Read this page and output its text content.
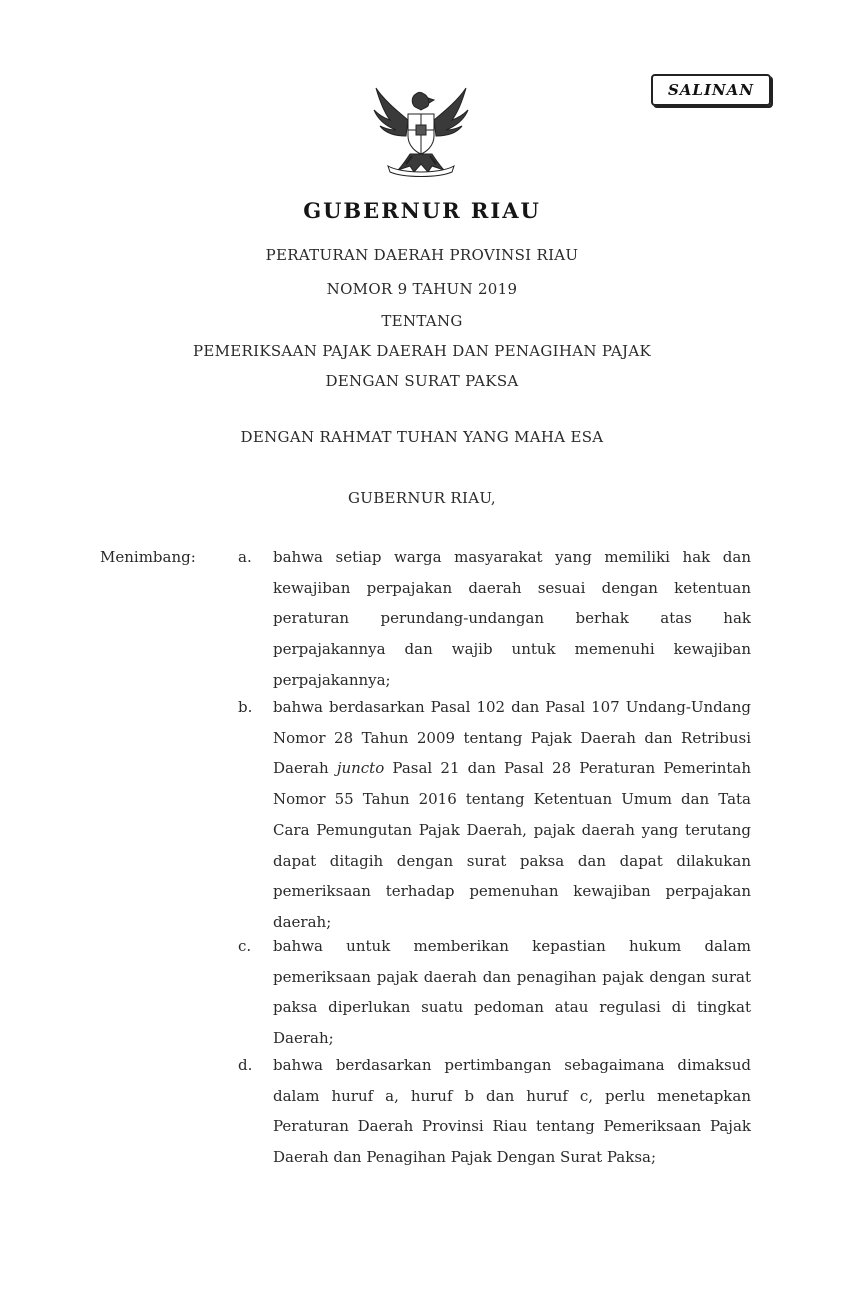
SALINAN
GUBERNUR RIAU
PERATURAN DAERAH PROVINSI RIAU
NOMOR 9 TAHUN 2019
TENTANG
PEMERIKSAAN PAJAK DAERAH DAN PENAGIHAN PAJAK
DENGAN SURAT PAKSA
DENGAN RAHMAT TUHAN YANG MAHA ESA
GUBERNUR RIAU,
Menimbang:	a. bahwa setiap warga masyarakat yang memiliki hak dan kewajiban perpajakan daerah sesuai dengan ketentuan peraturan perundang-undangan berhak atas hak perpajakannya dan wajib untuk memenuhi kewajiban perpajakannya;
b. bahwa berdasarkan Pasal 102 dan Pasal 107 Undang-Undang Nomor 28 Tahun 2009 tentang Pajak Daerah dan Retribusi Daerah juncto Pasal 21 dan Pasal 28 Peraturan Pemerintah Nomor 55 Tahun 2016 tentang Ketentuan Umum dan Tata Cara Pemungutan Pajak Daerah, pajak daerah yang terutang dapat ditagih dengan surat paksa dan dapat dilakukan pemeriksaan terhadap pemenuhan kewajiban perpajakan daerah;
c. bahwa untuk memberikan kepastian hukum dalam pemeriksaan pajak daerah dan penagihan pajak dengan surat paksa diperlukan suatu pedoman atau regulasi di tingkat Daerah;
d. bahwa berdasarkan pertimbangan sebagaimana dimaksud dalam huruf a, huruf b dan huruf c, perlu menetapkan Peraturan Daerah Provinsi Riau tentang Pemeriksaan Pajak Daerah dan Penagihan Pajak Dengan Surat Paksa;
